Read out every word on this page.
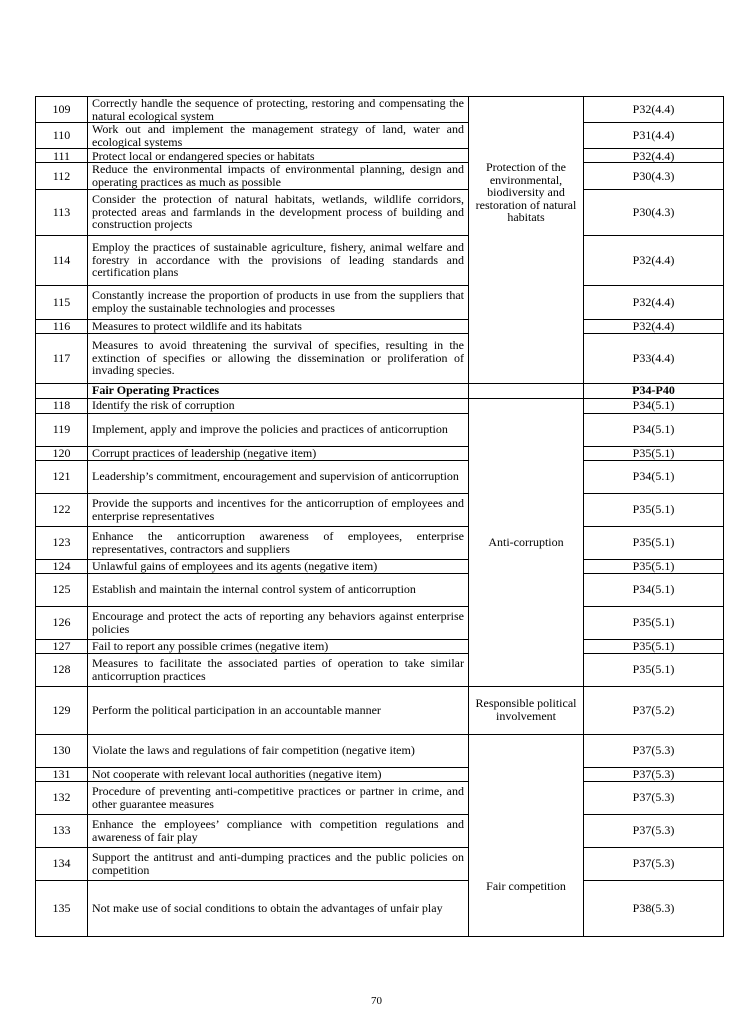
109	Correctly handle the sequence of protecting, restoring and compensating the natural ecological system	Protection of the environmental, biodiversity and restoration of natural habitats	P32(4.4)
110	Work out and implement the management strategy of land, water and ecological systems		P31(4.4)
111	Protect local or endangered species or habitats		P32(4.4)
112	Reduce the environmental impacts of environmental planning, design and operating practices as much as possible		P30(4.3)
113	Consider the protection of natural habitats, wetlands, wildlife corridors, protected areas and farmlands in the development process of building and construction projects		P30(4.3)
114	Employ the practices of sustainable agriculture, fishery, animal welfare and forestry in accordance with the provisions of leading standards and certification plans		P32(4.4)
115	Constantly increase the proportion of products in use from the suppliers that employ the sustainable technologies and processes		P32(4.4)
116	Measures to protect wildlife and its habitats		P32(4.4)
117	Measures to avoid threatening the survival of specifies, resulting in the extinction of specifies or allowing the dissemination or proliferation of invading species.		P33(4.4)
	Fair Operating Practices		P34-P40
118	Identify the risk of corruption	Anti-corruption	P34(5.1)
119	Implement, apply and improve the policies and practices of anticorruption		P34(5.1)
120	Corrupt practices of leadership (negative item)		P35(5.1)
121	Leadership’s commitment, encouragement and supervision of anticorruption		P34(5.1)
122	Provide the supports and incentives for the anticorruption of employees and enterprise representatives		P35(5.1)
123	Enhance the anticorruption awareness of employees, enterprise representatives, contractors and suppliers		P35(5.1)
124	Unlawful gains of employees and its agents (negative item)		P35(5.1)
125	Establish and maintain the internal control system of anticorruption		P34(5.1)
126	Encourage and protect the acts of reporting any behaviors against enterprise policies		P35(5.1)
127	Fail to report any possible crimes (negative item)		P35(5.1)
128	Measures to facilitate the associated parties of operation to take similar anticorruption practices		P35(5.1)
129	Perform the political participation in an accountable manner	Responsible political involvement	P37(5.2)
130	Violate the laws and regulations of fair competition (negative item)	Fair competition	P37(5.3)
131	Not cooperate with relevant local authorities (negative item)		P37(5.3)
132	Procedure of preventing anti-competitive practices or partner in crime, and other guarantee measures		P37(5.3)
133	Enhance the employees’ compliance with competition regulations and awareness of fair play		P37(5.3)
134	Support the antitrust and anti-dumping practices and the public policies on competition		P37(5.3)
135	Not make use of social conditions to obtain the advantages of unfair play		P38(5.3)
70
